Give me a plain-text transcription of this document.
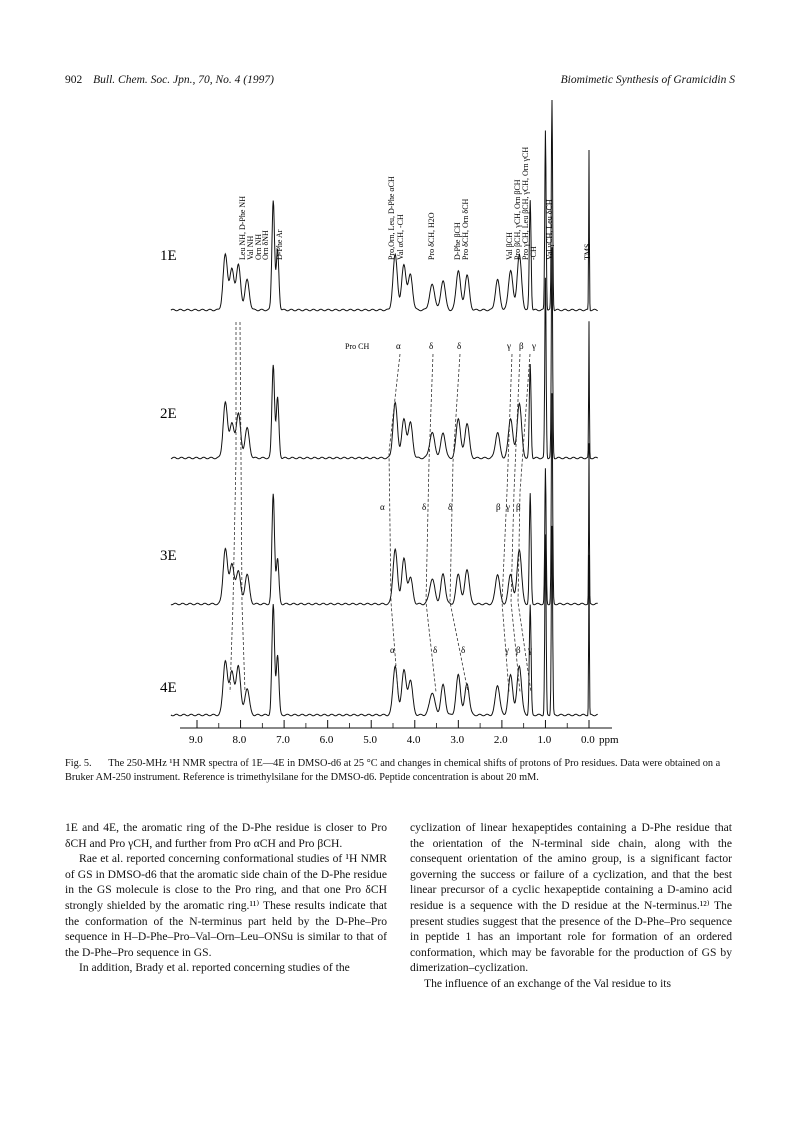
902 Bull. Chem. Soc. Jpn., 70, No. 4 (1997)	Biomimetic Synthesis of Gramicidin S
1E
2E
3E
4E
Leu NH, D-Phe NH Val NH Orn NH
Orn δNH D-Phe Ar	Pro,Orn, Leu, D-Phe αCH Val αCH, -CH	Pro δCH, H2O D-Phe βCH Pro δCH, Orn δCH	Val βCH Pro βCH, γCH, Orn βCH Pro γCH, Leu βCH, γCH, Orn γCH -CH Val γCH, Leu δCH	TMS
Pro CH	α	δ	δ	γ β γ
α	δ δ	β γ β
α	δ	δ	γ β γ
9.0	8.0	7.0	6.0	5.0	4.0	3.0	2.0	1.0	0.0 ppm
Fig. 5. The 250-MHz ¹H NMR spectra of 1E—4E in DMSO-d6 at 25 °C and changes in chemical shifts of protons of Pro residues. Data were obtained on a Bruker AM-250 instrument. Reference is trimethylsilane for the DMSO-d6. Peptide concentration is about 20 mM.

1E and 4E, the aromatic ring of the D-Phe residue is closer to Pro δCH and Pro γCH, and further from Pro αCH and Pro βCH.

Rae et al. reported concerning conformational studies of ¹H NMR of GS in DMSO-d6 that the aromatic side chain of the D-Phe residue in the GS molecule is close to the Pro ring, and that one Pro δCH strongly shielded by the aromatic ring.¹¹⁾ These results indicate that the conformation of the N-terminus part held by the D-Phe–Pro sequence in H–D-Phe–Pro–Val–Orn–Leu–ONSu is similar to that of the D-Phe–Pro sequence in GS.

In addition, Brady et al. reported concerning studies of the

cyclization of linear hexapeptides containing a D-Phe residue that the orientation of the N-terminal side chain, along with the consequent orientation of the amino group, is a significant factor governing the success or failure of a cyclization, and that the best linear precursor of a cyclic hexapeptide containing a D-amino acid residue is a sequence with the D residue at the N-terminus.¹²⁾ The present studies suggest that the presence of the D-Phe–Pro sequence in peptide 1 has an important role for formation of an ordered conformation, which may be favorable for the production of GS by dimerization–cyclization.

The influence of an exchange of the Val residue to its
